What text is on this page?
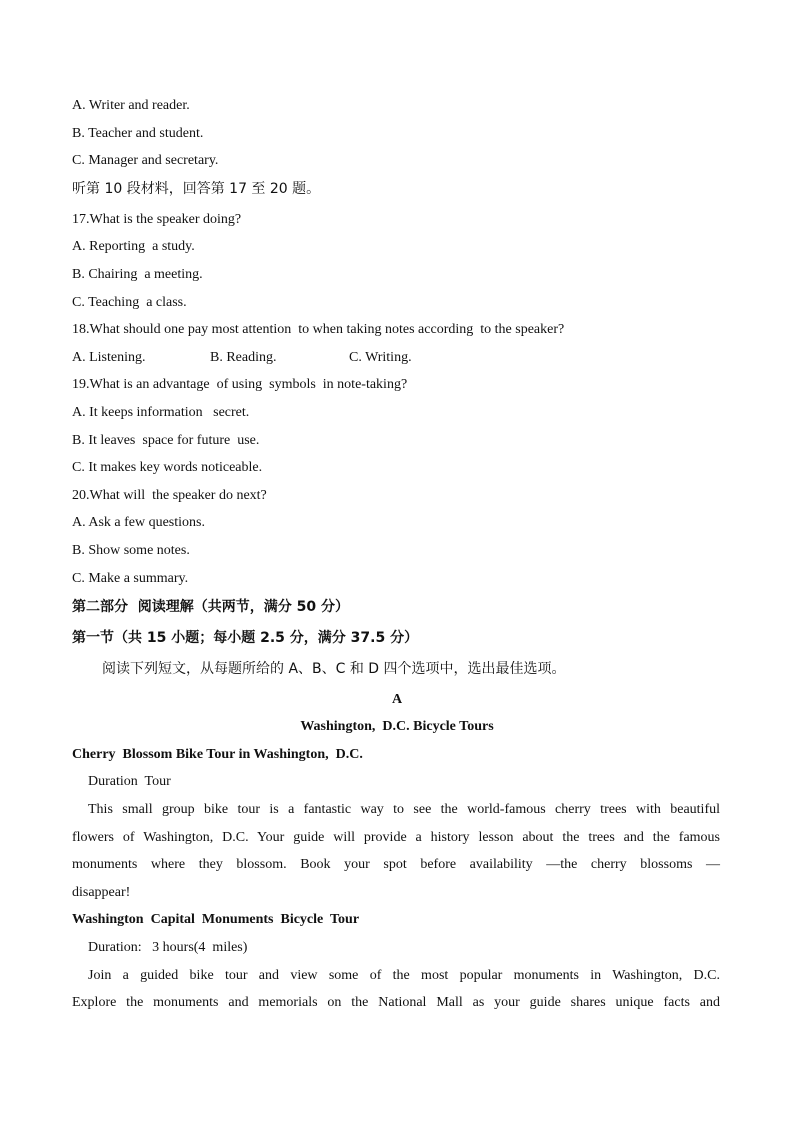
A. Writer and reader.
B. Teacher and student.
C. Manager and secretary.
听第 10 段材料，回答第 17 至 20 题。
17.What is the speaker doing?
A. Reporting  a study.
B. Chairing  a meeting.
C. Teaching  a class.
18.What should one pay most attention  to when taking notes according  to the speaker?

A. Listening.

	B. Reading.

	C. Writing.

19.What is an advantage  of using  symbols  in note-taking?
A. It keeps information   secret.
B. It leaves  space for future  use.
C. It makes key words noticeable.
20.What will  the speaker do next?
A. Ask a few questions.
B. Show some notes.
C. Make a summary.
第二部分  阅读理解（共两节，满分 50 分）
第一节（共 15 小题；每小题 2.5 分，满分 37.5 分）
阅读下列短文，从每题所给的 A、B、C 和 D 四个选项中，选出最佳选项。
A
Washington,  D.C. Bicycle Tours
Cherry  Blossom Bike Tour in Washington,  D.C.
Duration  Tour
This small group bike tour is a fantastic way to see the world-famous cherry trees with beautiful
flowers of Washington, D.C. Your guide will provide a history lesson about the trees and the famous
monuments where they blossom. Book your spot before availability —the cherry blossoms —
disappear!
Washington  Capital  Monuments  Bicycle  Tour
Duration:   3 hours(4  miles)
Join a guided bike tour and view some of the most popular monuments in Washington, D.C.
Explore the monuments and memorials on the National Mall as your guide shares unique facts and
